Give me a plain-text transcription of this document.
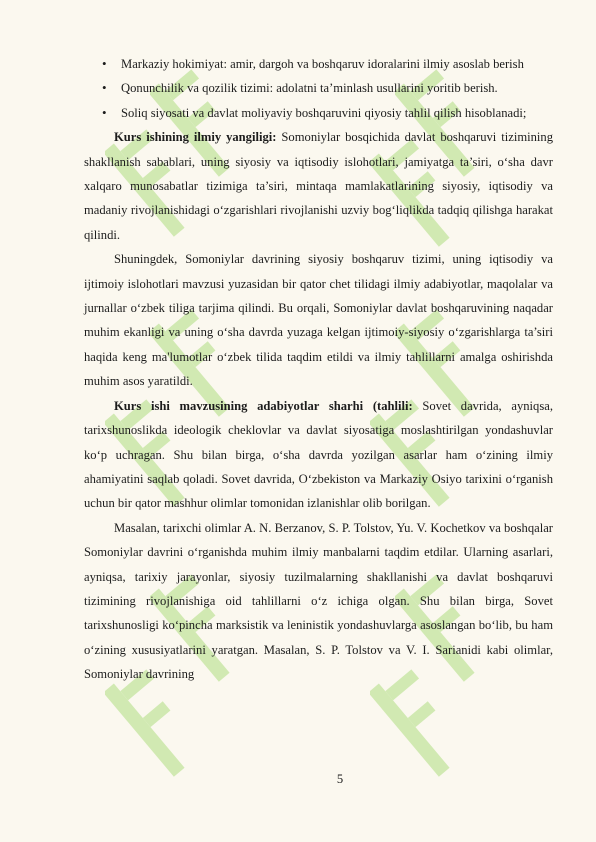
• Markaziy hokimiyat: amir, dargoh va boshqaruv idoralarini ilmiy asoslab berish
• Qonunchilik va qozilik tizimi: adolatni ta’minlash usullarini yoritib berish.
• Soliq siyosati va davlat moliyaviy boshqaruvini qiyosiy tahlil qilish hisoblanadi;

Kurs ishining ilmiy yangiligi: Somoniylar bosqichida davlat boshqaruvi tizimining shakllanish sabablari, uning siyosiy va iqtisodiy islohotlari, jamiyatga ta’siri, o‘sha davr xalqaro munosabatlar tizimiga ta’siri, mintaqa mamlakatlarining siyosiy, iqtisodiy va madaniy rivojlanishidagi o‘zgarishlari rivojlanishi uzviy bog‘liqlikda tadqiq qilishga harakat qilindi.

Shuningdek, Somoniylar davrining siyosiy boshqaruv tizimi, uning iqtisodiy va ijtimoiy islohotlari mavzusi yuzasidan bir qator chet tilidagi ilmiy adabiyotlar, maqolalar va jurnallar o‘zbek tiliga tarjima qilindi. Bu orqali, Somoniylar davlat boshqaruvining naqadar muhim ekanligi va uning o‘sha davrda yuzaga kelgan ijtimoiy-siyosiy o‘zgarishlarga ta’siri haqida keng ma'lumotlar o‘zbek tilida taqdim etildi va ilmiy tahlillarni amalga oshirishda muhim asos yaratildi.

Kurs ishi mavzusining adabiyotlar sharhi (tahlili: Sovet davrida, ayniqsa, tarixshunoslikda ideologik cheklovlar va davlat siyosatiga moslashtirilgan yondashuvlar ko‘p uchragan. Shu bilan birga, o‘sha davrda yozilgan asarlar ham o‘zining ilmiy ahamiyatini saqlab qoladi. Sovet davrida, O‘zbekiston va Markaziy Osiyo tarixini o‘rganish uchun bir qator mashhur olimlar tomonidan izlanishlar olib borilgan.

Masalan, tarixchi olimlar A. N. Berzanov, S. P. Tolstov, Yu. V. Kochetkov va boshqalar Somoniylar davrini o‘rganishda muhim ilmiy manbalarni taqdim etdilar. Ularning asarlari, ayniqsa, tarixiy jarayonlar, siyosiy tuzilmalarning shakllanishi va davlat boshqaruvi tizimining rivojlanishiga oid tahlillarni o‘z ichiga olgan. Shu bilan birga, Sovet tarixshunosligi ko‘pincha marksistik va leninistik yondashuvlarga asoslangan bo‘lib, bu ham o‘zining xususiyatlarini yaratgan. Masalan, S. P. Tolstov va V. I. Sarianidi kabi olimlar, Somoniylar davrining

5
